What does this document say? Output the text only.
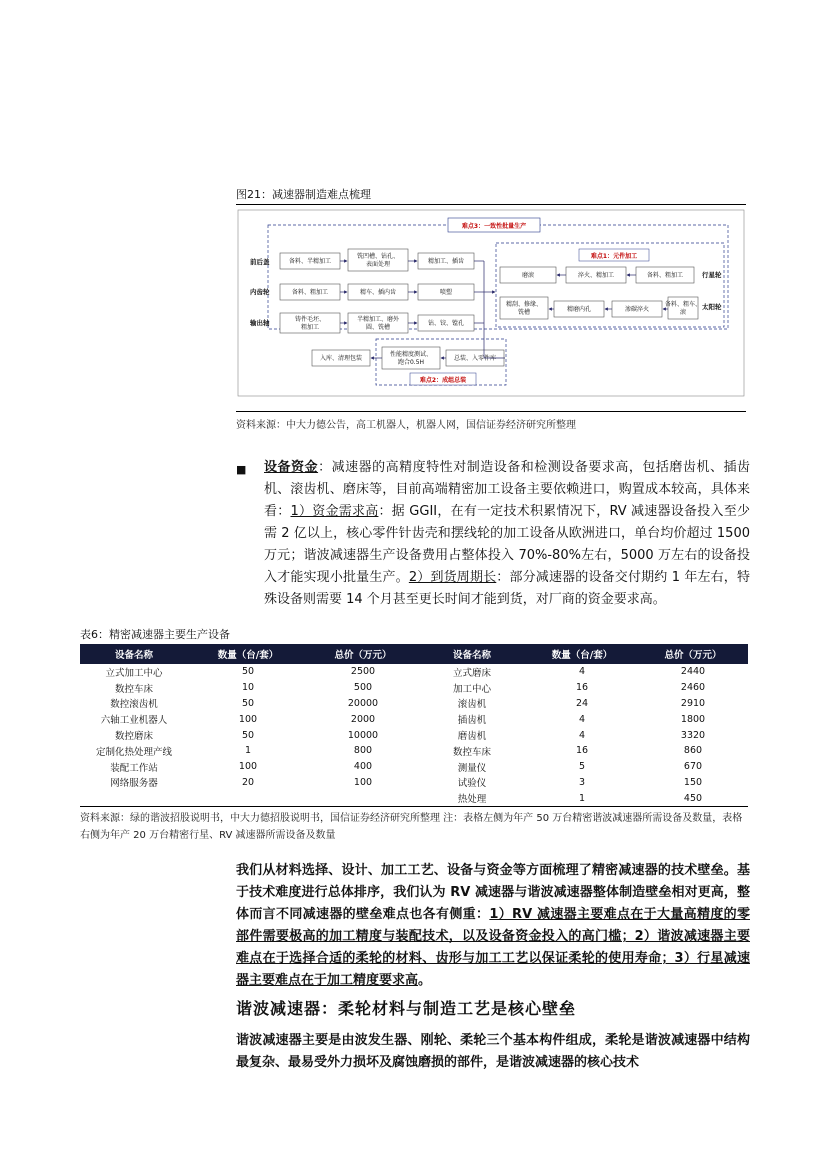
图21：减速器制造难点梳理
难点3：一致性批量生产
难点1：元件加工
前后盖
内齿轮
输出轴
行星轮
太阳轮
备料、半精加工
铣凹槽、钻孔、
表面处理	精加工、插齿
备料、粗加工	精车、插内齿	喷塑
铸件毛坯、
粗加工
半精加工、磨外
圆、铣槽
钻、铰、镗孔
磨滚	淬火、精加工	备料、粗加工
精刮、修缘、
铣槽	精磨内孔	渗碳淬火
备料、粗车、
滚
难点2：成组总装
入库、清理包装
性能精度测试、
跑合0.5H
总装、入零件库
资料来源：中大力德公告，高工机器人，机器人网，国信证券经济研究所整理
■ 设备资金：减速器的高精度特性对制造设备和检测设备要求高，包括磨齿机、插齿机、滚齿机、磨床等，目前高端精密加工设备主要依赖进口，购置成本较高，具体来看：1）资金需求高：据 GGII，在有一定技术积累情况下，RV 减速器设备投入至少需 2 亿以上，核心零件针齿壳和摆线轮的加工设备从欧洲进口，单台均价超过 1500 万元；谐波减速器生产设备费用占整体投入 70%-80%左右，5000 万左右的设备投入才能实现小批量生产。2）到货周期长：部分减速器的设备交付期约 1 年左右，特殊设备则需要 14 个月甚至更长时间才能到货，对厂商的资金要求高。
表6：精密减速器主要生产设备
设备名称	数量（台/套）	总价（万元）	设备名称	数量（台/套）	总价（万元）
立式加工中心	50	2500	立式磨床	4	2440
数控车床	10	500	加工中心	16	2460
数控滚齿机	50	20000	滚齿机	24	2910
六轴工业机器人	100	2000	插齿机	4	1800
数控磨床	50	10000	磨齿机	4	3320
定制化热处理产线	1	800	数控车床	16	860
装配工作站	100	400	测量仪	5	670
网络服务器	20	100	试验仪	3	150
			热处理	1	450
资料来源：绿的谐波招股说明书，中大力德招股说明书，国信证券经济研究所整理 注：表格左侧为年产 50 万台精密谐波减速器所需设备及数量，表格右侧为年产 20 万台精密行星、RV 减速器所需设备及数量
我们从材料选择、设计、加工工艺、设备与资金等方面梳理了精密减速器的技术壁垒。基于技术难度进行总体排序，我们认为 RV 减速器与谐波减速器整体制造壁垒相对更高，整体而言不同减速器的壁垒难点也各有侧重：1）RV 减速器主要难点在于大量高精度的零部件需要极高的加工精度与装配技术，以及设备资金投入的高门槛；2）谐波减速器主要难点在于选择合适的柔轮的材料、齿形与加工工艺以保证柔轮的使用寿命；3）行星减速器主要难点在于加工精度要求高。
谐波减速器：柔轮材料与制造工艺是核心壁垒
谐波减速器主要是由波发生器、刚轮、柔轮三个基本构件组成，柔轮是谐波减速器中结构最复杂、最易受外力损坏及腐蚀磨损的部件，是谐波减速器的核心技术
